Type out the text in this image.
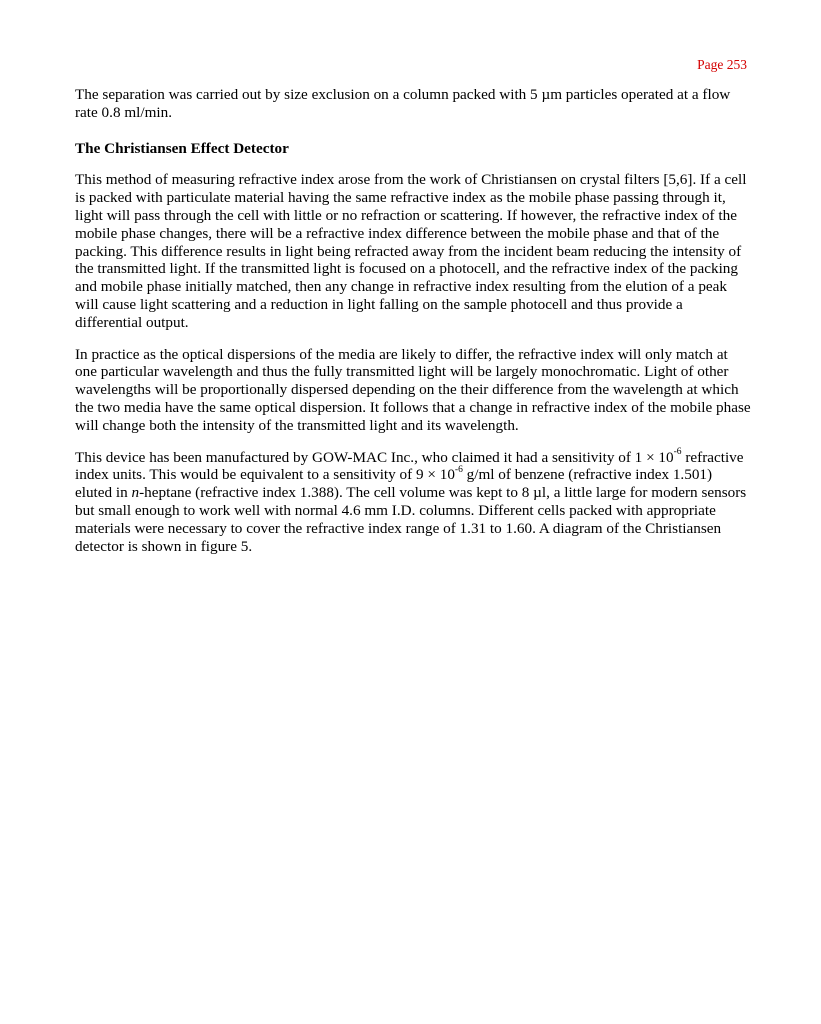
Page 253

The separation was carried out by size exclusion on a column packed with 5 µm particles operated at a flow rate 0.8 ml/min.

The Christiansen Effect Detector

This method of measuring refractive index arose from the work of Christiansen on crystal filters [5,6]. If a cell is packed with particulate material having the same refractive index as the mobile phase passing through it, light will pass through the cell with little or no refraction or scattering. If however, the refractive index of the mobile phase changes, there will be a refractive index difference between the mobile phase and that of the packing. This difference results in light being refracted away from the incident beam reducing the intensity of the transmitted light. If the transmitted light is focused on a photocell, and the refractive index of the packing and mobile phase initially matched, then any change in refractive index resulting from the elution of a peak will cause light scattering and a reduction in light falling on the sample photocell and thus provide a differential output.

In practice as the optical dispersions of the media are likely to differ, the refractive index will only match at one particular wavelength and thus the fully transmitted light will be largely monochromatic. Light of other wavelengths will be proportionally dispersed depending on the their difference from the wavelength at which the two media have the same optical dispersion. It follows that a change in refractive index of the mobile phase will change both the intensity of the transmitted light and its wavelength.

This device has been manufactured by GOW-MAC Inc., who claimed it had a sensitivity of $1 \times 10^{-6}$ refractive index units. This would be equivalent to a sensitivity of $9 \times 10^{-6}$ g/ml of benzene (refractive index 1.501) eluted in n-heptane (refractive index 1.388). The cell volume was kept to 8 µl, a little large for modern sensors but small enough to work well with normal 4.6 mm I.D. columns. Different cells packed with appropriate materials were necessary to cover the refractive index range of 1.31 to 1.60. A diagram of the Christiansen detector is shown in figure 5.
